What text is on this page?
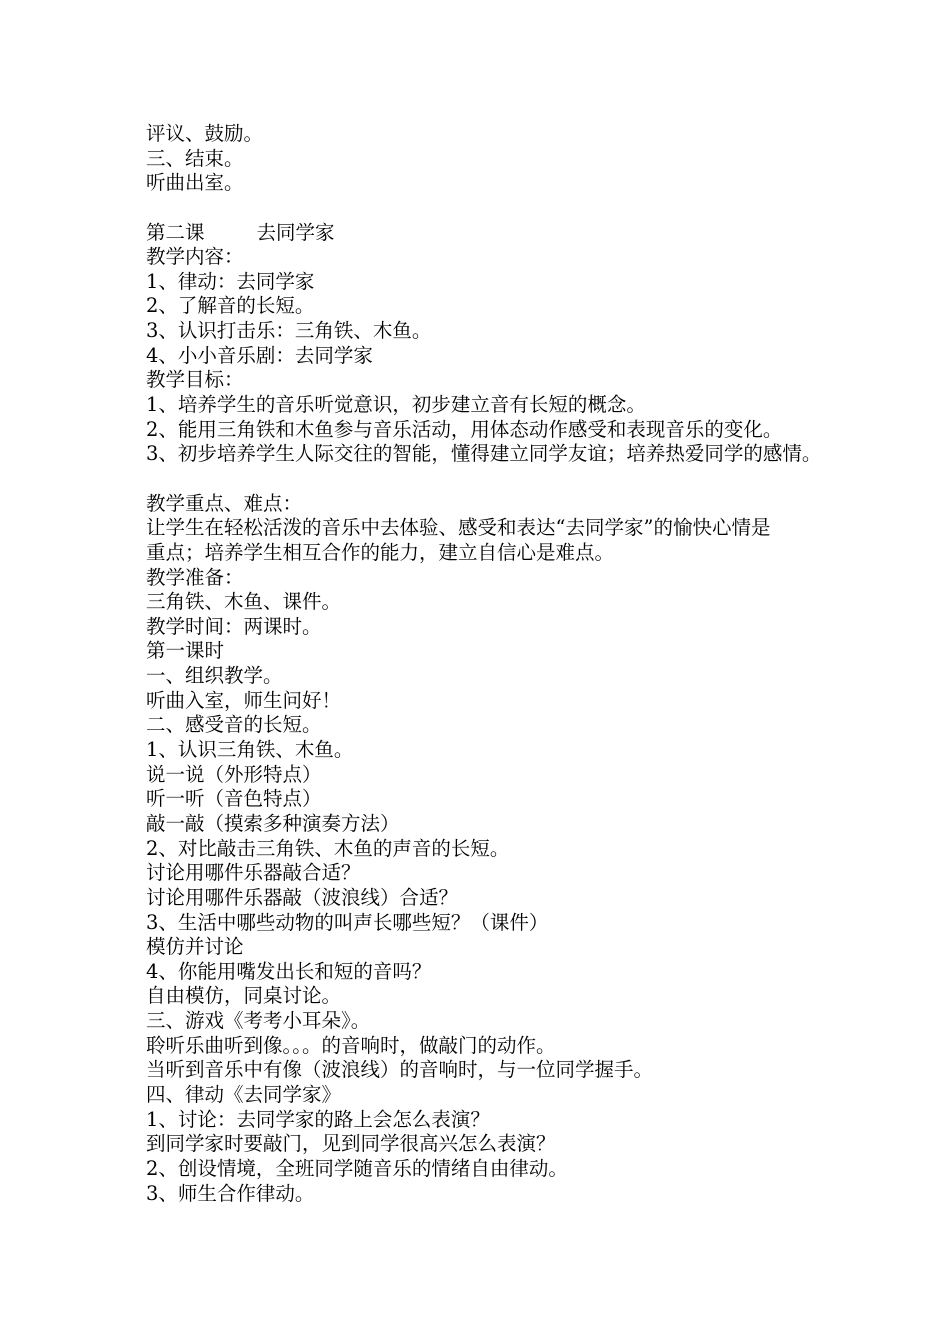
评议、鼓励。
三、结束。
听曲出室。
第二课	去同学家
教学内容：
1、律动：去同学家
2、了解音的长短。
3、认识打击乐：三角铁、木鱼。
4、小小音乐剧：去同学家
教学目标：
1、培养学生的音乐听觉意识，初步建立音有长短的概念。
2、能用三角铁和木鱼参与音乐活动，用体态动作感受和表现音乐的变化。
3、初步培养学生人际交往的智能，懂得建立同学友谊；培养热爱同学的感情。
教学重点、难点：
让学生在轻松活泼的音乐中去体验、感受和表达“去同学家”的愉快心情是
重点；培养学生相互合作的能力，建立自信心是难点。
教学准备：
三角铁、木鱼、课件。
教学时间：两课时。
第一课时
一、组织教学。
听曲入室，师生问好！
二、感受音的长短。
1、认识三角铁、木鱼。
说一说（外形特点）
听一听（音色特点）
敲一敲（摸索多种演奏方法）
2、对比敲击三角铁、木鱼的声音的长短。
讨论用哪件乐器敲合适？
讨论用哪件乐器敲（波浪线）合适？
3、生活中哪些动物的叫声长哪些短？（课件）
模仿并讨论
4、你能用嘴发出长和短的音吗？
自由模仿，同桌讨论。
三、游戏《考考小耳朵》。
聆听乐曲听到像。。。的音响时，做敲门的动作。
当听到音乐中有像（波浪线）的音响时，与一位同学握手。
四、律动《去同学家》
1、讨论：去同学家的路上会怎么表演？
到同学家时要敲门，见到同学很高兴怎么表演？
2、创设情境，全班同学随音乐的情绪自由律动。
3、师生合作律动。
